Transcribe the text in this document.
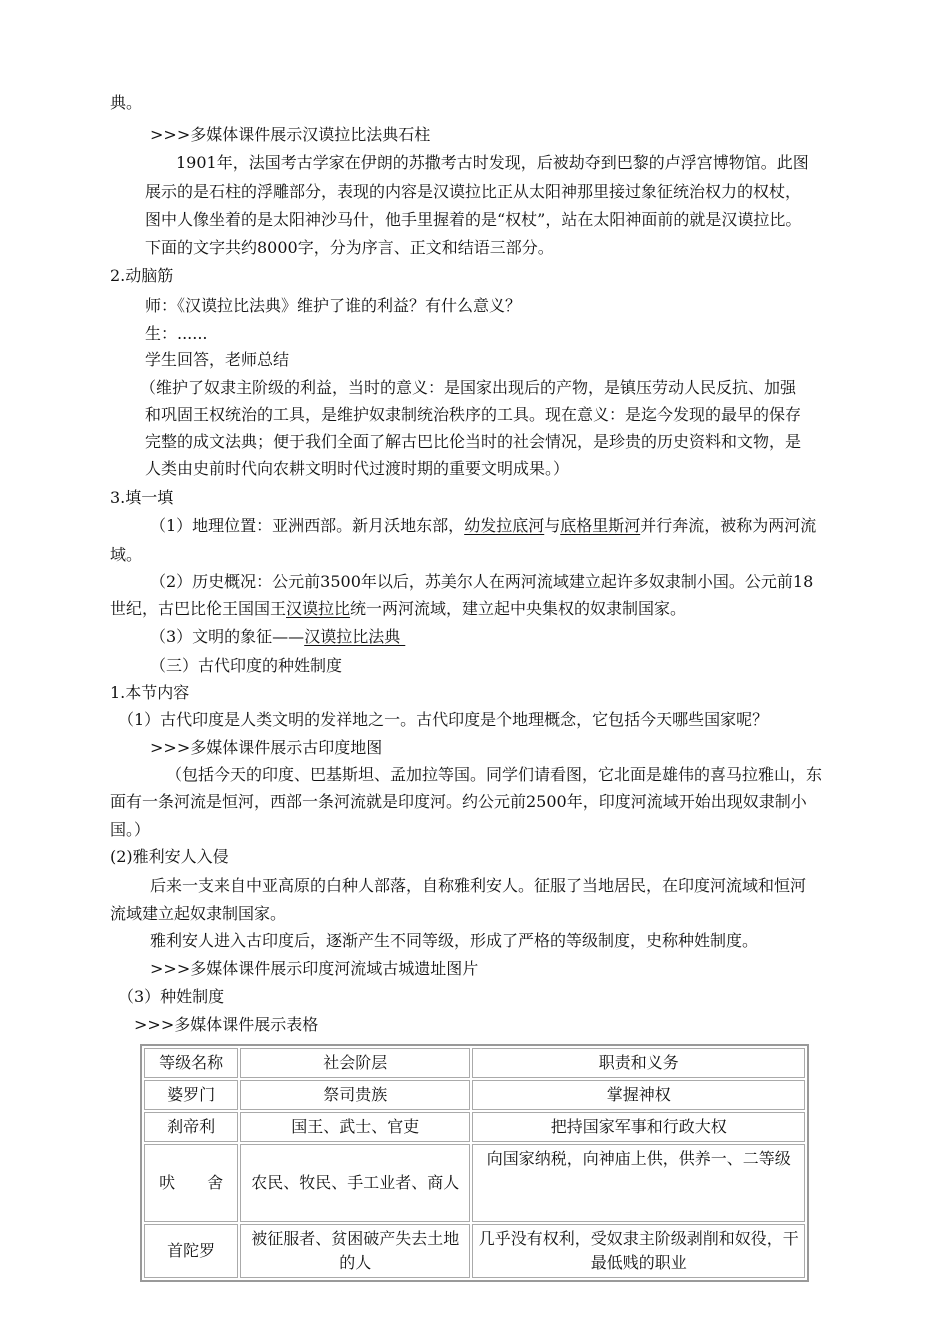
典。
>>>多媒体课件展示汉谟拉比法典石柱
1901年，法国考古学家在伊朗的苏撒考古时发现，后被劫夺到巴黎的卢浮宫博物馆。此图
展示的是石柱的浮雕部分，表现的内容是汉谟拉比正从太阳神那里接过象征统治权力的权杖，
图中人像坐着的是太阳神沙马什，他手里握着的是“权杖”，站在太阳神面前的就是汉谟拉比。
下面的文字共约8000字，分为序言、正文和结语三部分。
2.动脑筋
师：《汉谟拉比法典》维护了谁的利益？有什么意义？
生：......
学生回答，老师总结
（维护了奴隶主阶级的利益，当时的意义：是国家出现后的产物，是镇压劳动人民反抗、加强
和巩固王权统治的工具，是维护奴隶制统治秩序的工具。现在意义：是迄今发现的最早的保存
完整的成文法典；便于我们全面了解古巴比伦当时的社会情况，是珍贵的历史资料和文物，是
人类由史前时代向农耕文明时代过渡时期的重要文明成果。）
3.填一填
（1）地理位置：亚洲西部。新月沃地东部，幼发拉底河与底格里斯河并行奔流，被称为两河流
域。
（2）历史概况：公元前3500年以后，苏美尔人在两河流域建立起许多奴隶制小国。公元前18
世纪，古巴比伦王国国王汉谟拉比统一两河流域，建立起中央集权的奴隶制国家。
（3）文明的象征——汉谟拉比法典
（三）古代印度的种姓制度
1.本节内容
（1）古代印度是人类文明的发祥地之一。古代印度是个地理概念，它包括今天哪些国家呢？
>>>多媒体课件展示古印度地图
（包括今天的印度、巴基斯坦、孟加拉等国。同学们请看图，它北面是雄伟的喜马拉雅山，东
面有一条河流是恒河，西部一条河流就是印度河。约公元前2500年，印度河流域开始出现奴隶制小
国。）
(2)雅利安人入侵
后来一支来自中亚高原的白种人部落，自称雅利安人。征服了当地居民，在印度河流域和恒河
流域建立起奴隶制国家。
雅利安人进入古印度后，逐渐产生不同等级，形成了严格的等级制度，史称种姓制度。
>>>多媒体课件展示印度河流域古城遗址图片
（3）种姓制度
>>>多媒体课件展示表格
等级名称	社会阶层	职责和义务
婆罗门	祭司贵族	掌握神权
刹帝利	国王、武士、官吏	把持国家军事和行政大权
吠　　舍	农民、牧民、手工业者、商人	向国家纳税，向神庙上供，供养一、二等级
首陀罗	被征服者、贫困破产失去土地的人	几乎没有权利，受奴隶主阶级剥削和奴役，干最低贱的职业
